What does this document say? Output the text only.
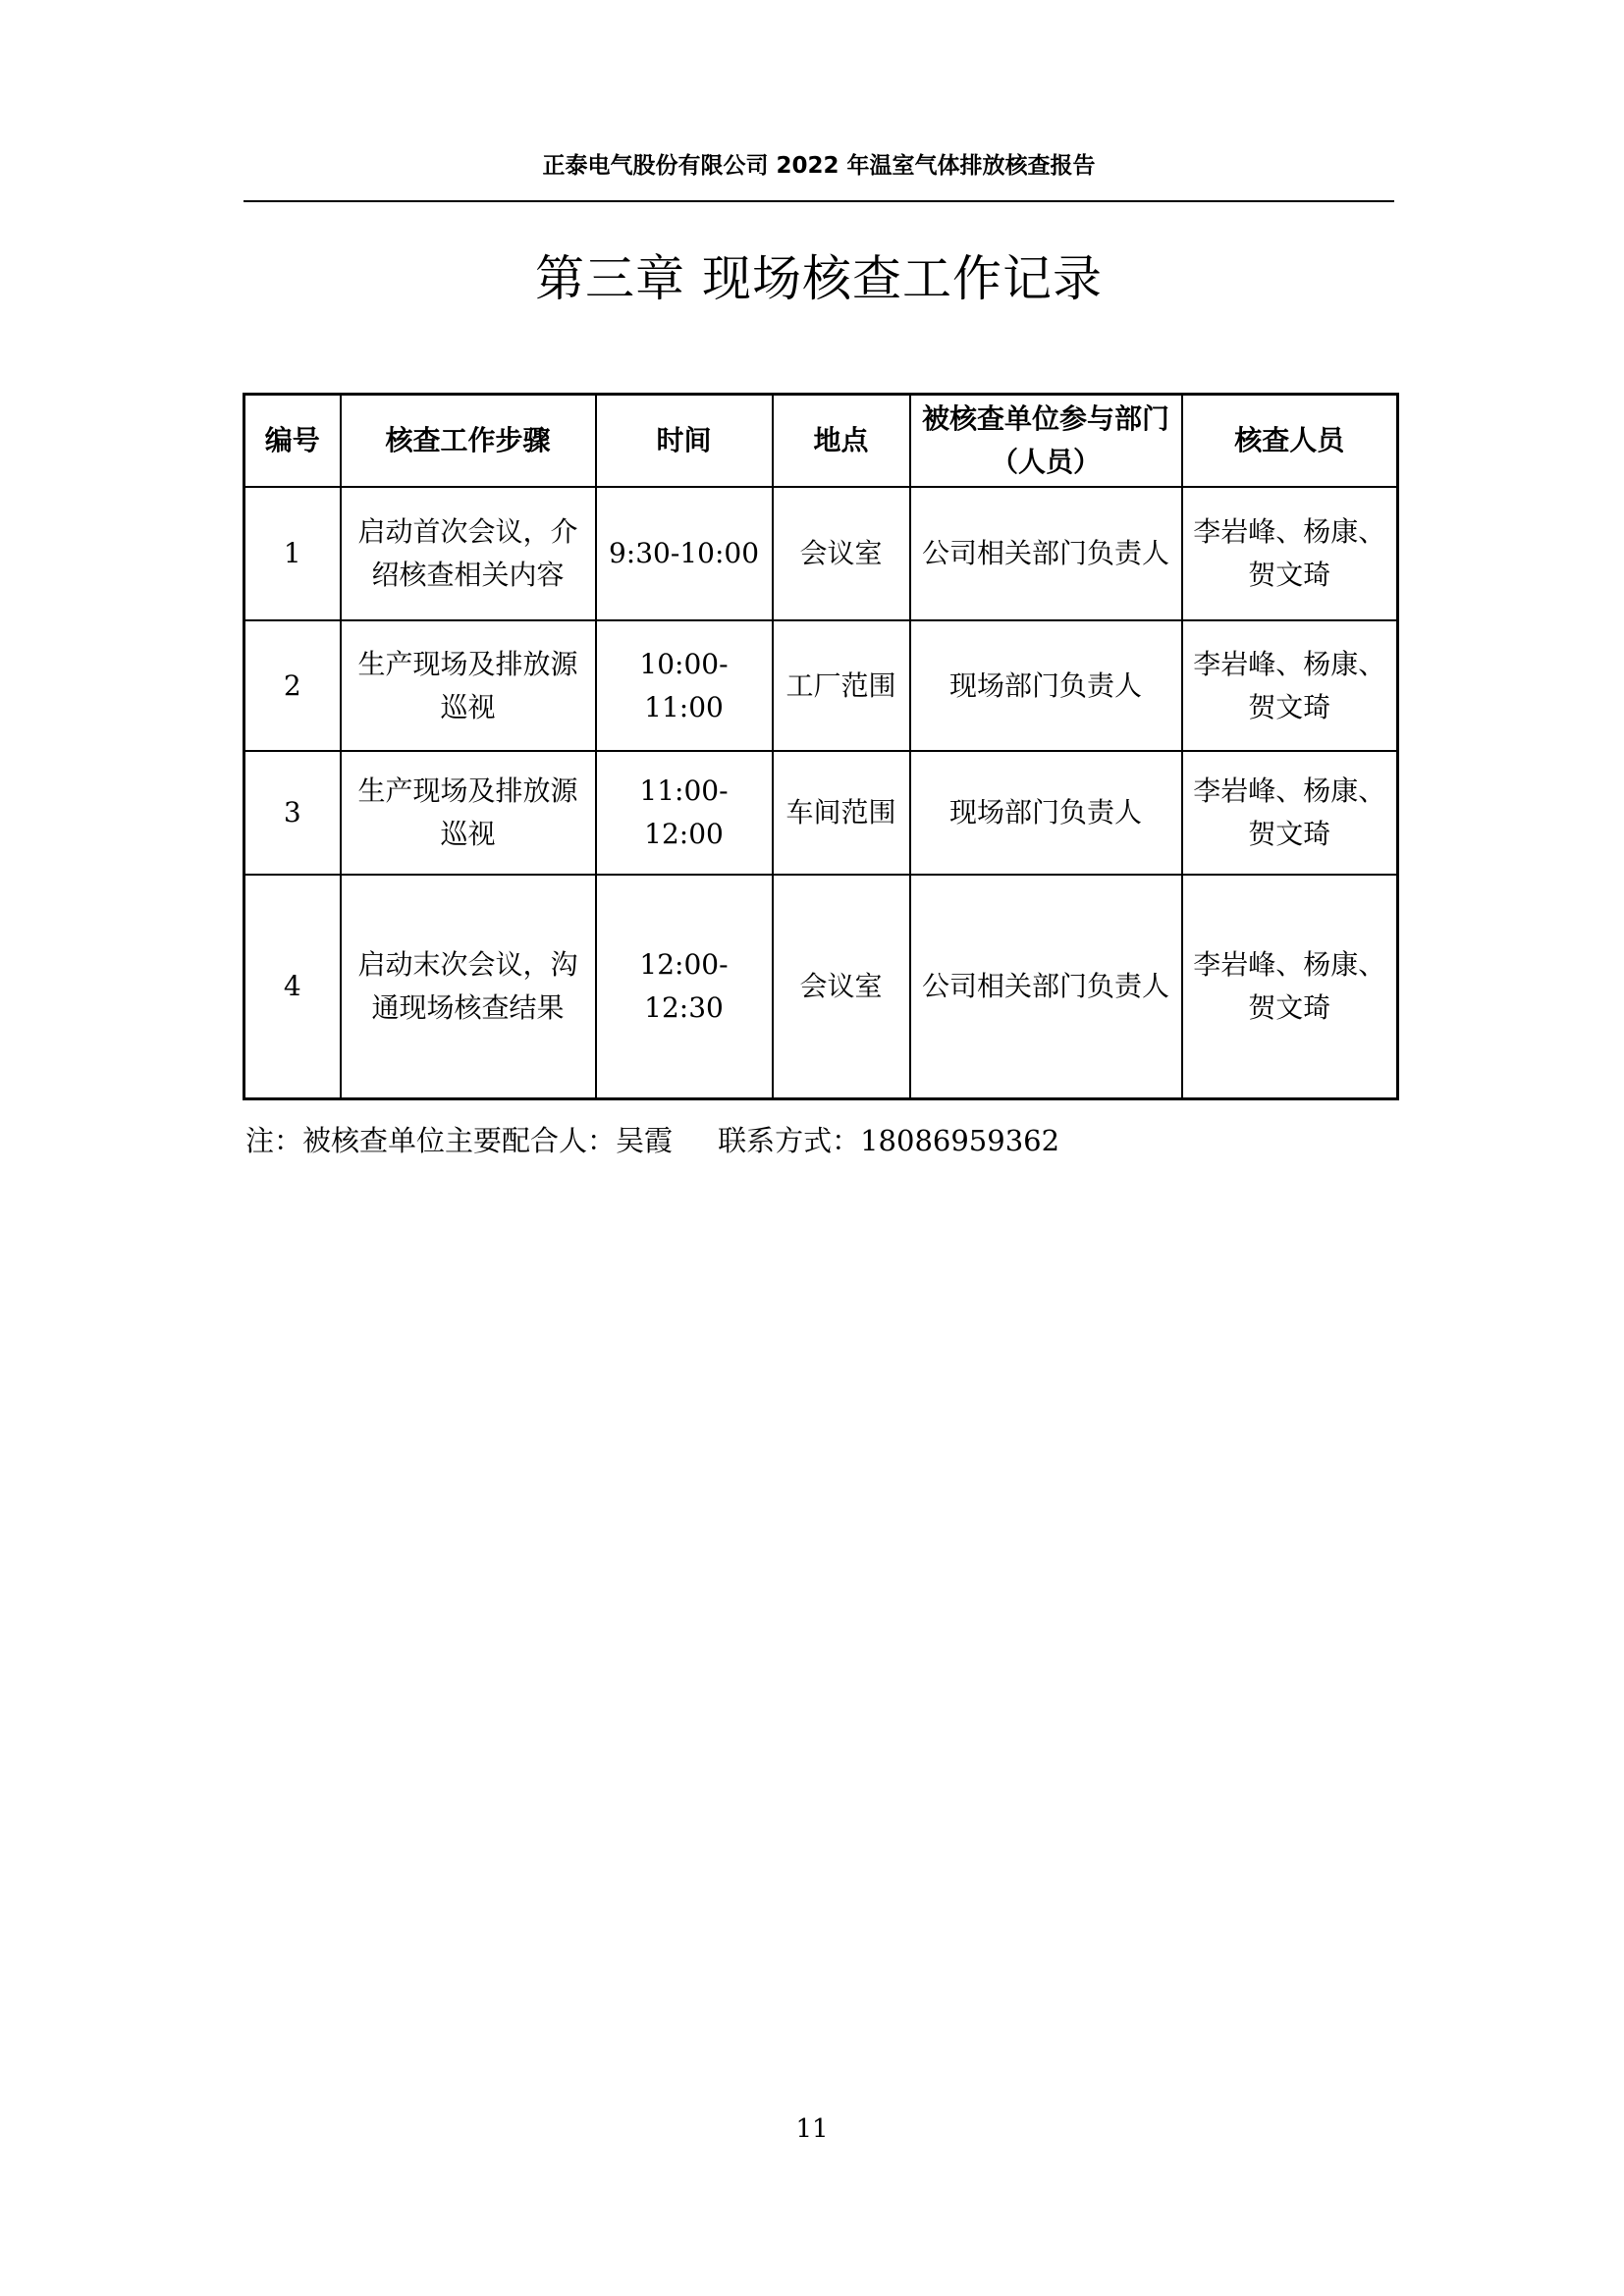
正泰电气股份有限公司 2022 年温室气体排放核查报告
第三章 现场核查工作记录
编号	核查工作步骤	时间	地点	被核查单位参与部门（人员）	核查人员
1	启动首次会议，介绍核查相关内容	9:30-10:00	会议室	公司相关部门负责人	李岩峰、杨康、贺文琦
2	生产现场及排放源巡视	10:00-11:00	工厂范围	现场部门负责人	李岩峰、杨康、贺文琦
3	生产现场及排放源巡视	11:00-12:00	车间范围	现场部门负责人	李岩峰、杨康、贺文琦
4	启动末次会议，沟通现场核查结果	12:00-12:30	会议室	公司相关部门负责人	李岩峰、杨康、贺文琦
注：被核查单位主要配合人：吴霞     联系方式：18086959362
11
